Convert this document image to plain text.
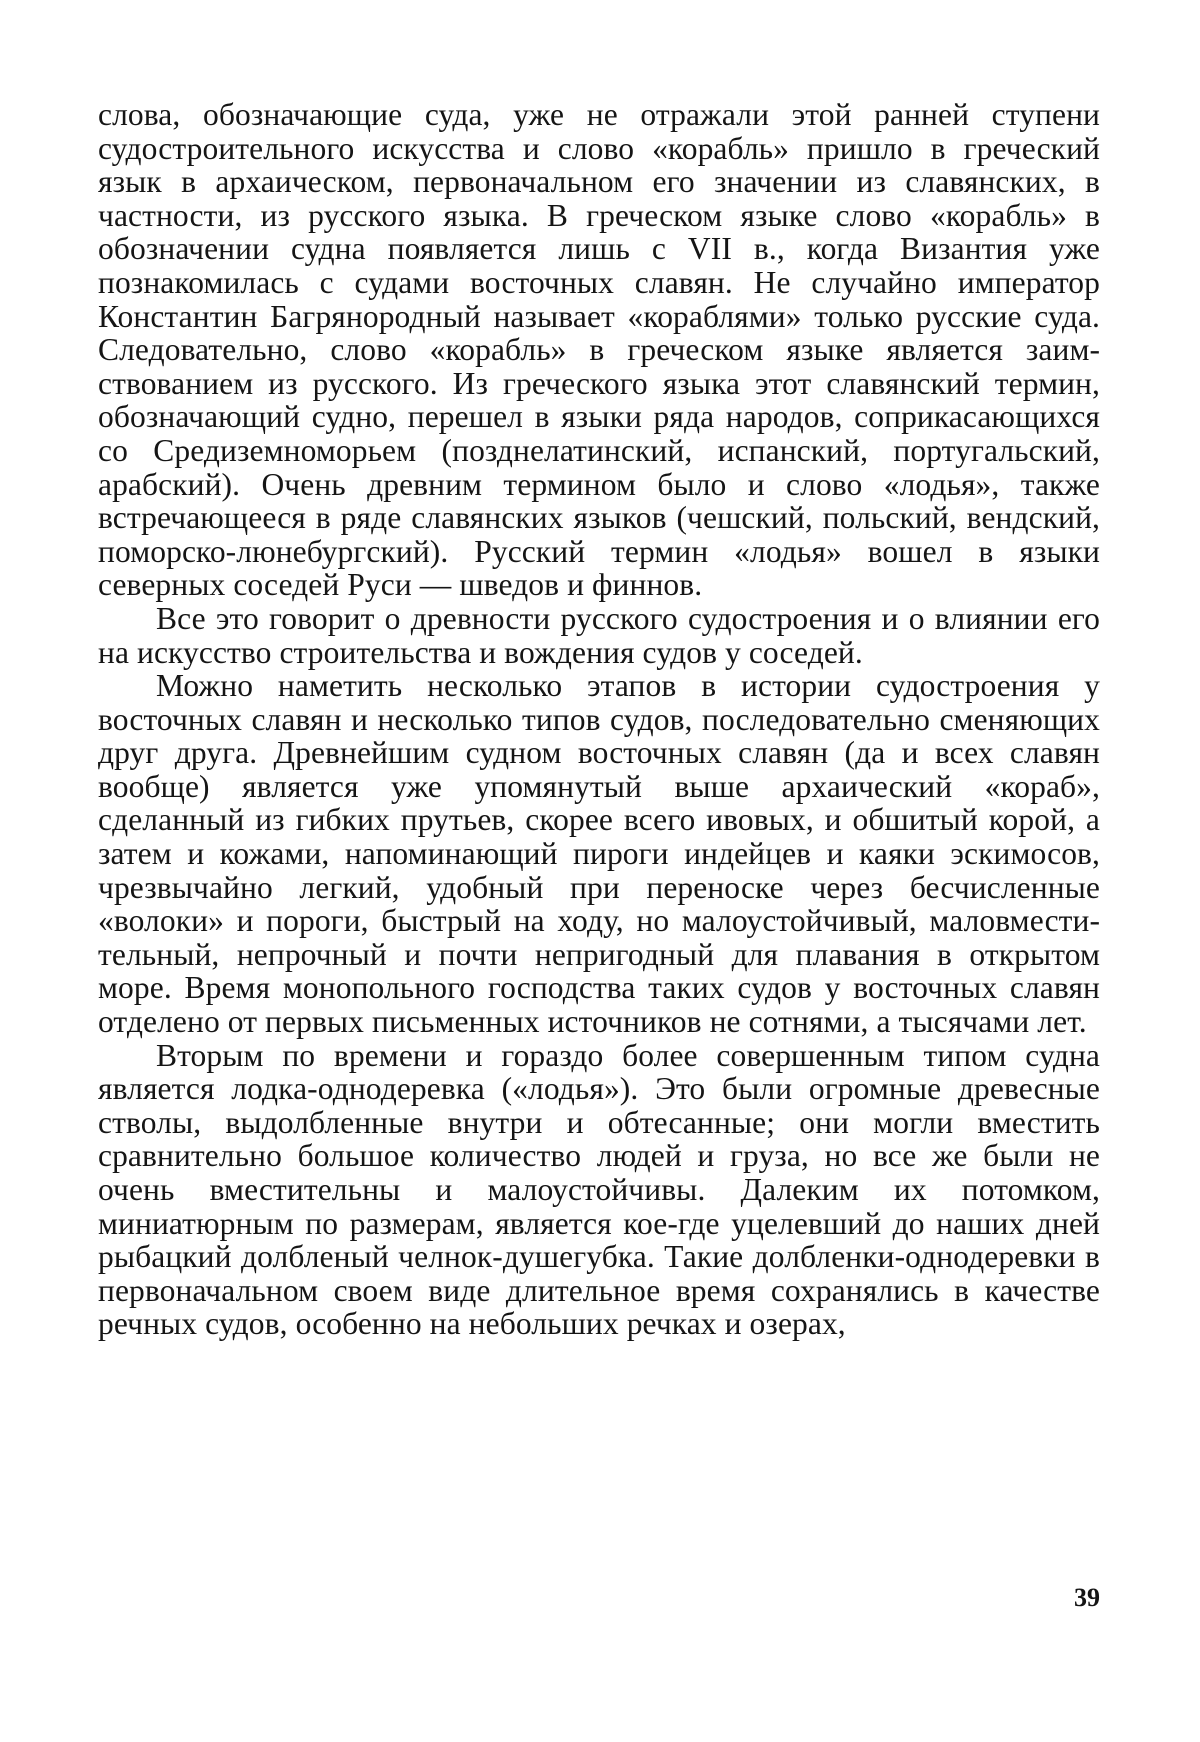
слова, обозначающие суда, уже не отражали этой ранней ступени судостроительного искусства и слово «корабль» пришло в греческий язык в архаическом, первоначальном его значении из славянских, в частности, из русского языка. В греческом языке слово «корабль» в обозначении судна появляется лишь с VII в., когда Византия уже познакомилась с судами восточных славян. Не случайно император Константин Багрянородный называет «кораблями» только русские суда. Следовательно, слово «корабль» в греческом языке является заимствованием из русского. Из греческого языка этот славянский термин, обозначающий судно, перешел в языки ряда народов, соприкасающихся со Средиземноморьем (позднелатинский, испанский, португальский, арабский). Очень древним термином было и слово «лодья», также встречающееся в ряде славянских языков (чешский, польский, вендский, поморско-люнебургский). Русский термин «лодья» вошел в языки северных соседей Руси — шведов и финнов.

Все это говорит о древности русского судостроения и о влиянии его на искусство строительства и вождения судов у соседей.

Можно наметить несколько этапов в истории судостроения у восточных славян и несколько типов судов, последовательно сменяющих друг друга. Древнейшим судном восточных славян (да и всех славян вообще) является уже упомянутый выше архаический «кораб», сделанный из гибких прутьев, скорее всего ивовых, и обшитый корой, а затем и кожами, напоминающий пироги индейцев и каяки эскимосов, чрезвычайно легкий, удобный при переноске через бесчисленные «волоки» и пороги, быстрый на ходу, но малоустойчивый, маловместительный, непрочный и почти непригодный для плавания в открытом море. Время монопольного господства таких судов у восточных славян отделено от первых письменных источников не сотнями, а тысячами лет.

Вторым по времени и гораздо более совершенным типом судна является лодка-однодеревка («лодья»). Это были огромные древесные стволы, выдолбленные внутри и обтесанные; они могли вместить сравнительно большое количество людей и груза, но все же были не очень вместительны и малоустойчивы. Далеким их потомком, миниатюрным по размерам, является кое-где уцелевший до наших дней рыбацкий долбленый челнок-душегубка. Такие долбленки-однодеревки в первоначальном своем виде длительное время сохранялись в качестве речных судов, особенно на небольших речках и озерах,

39
